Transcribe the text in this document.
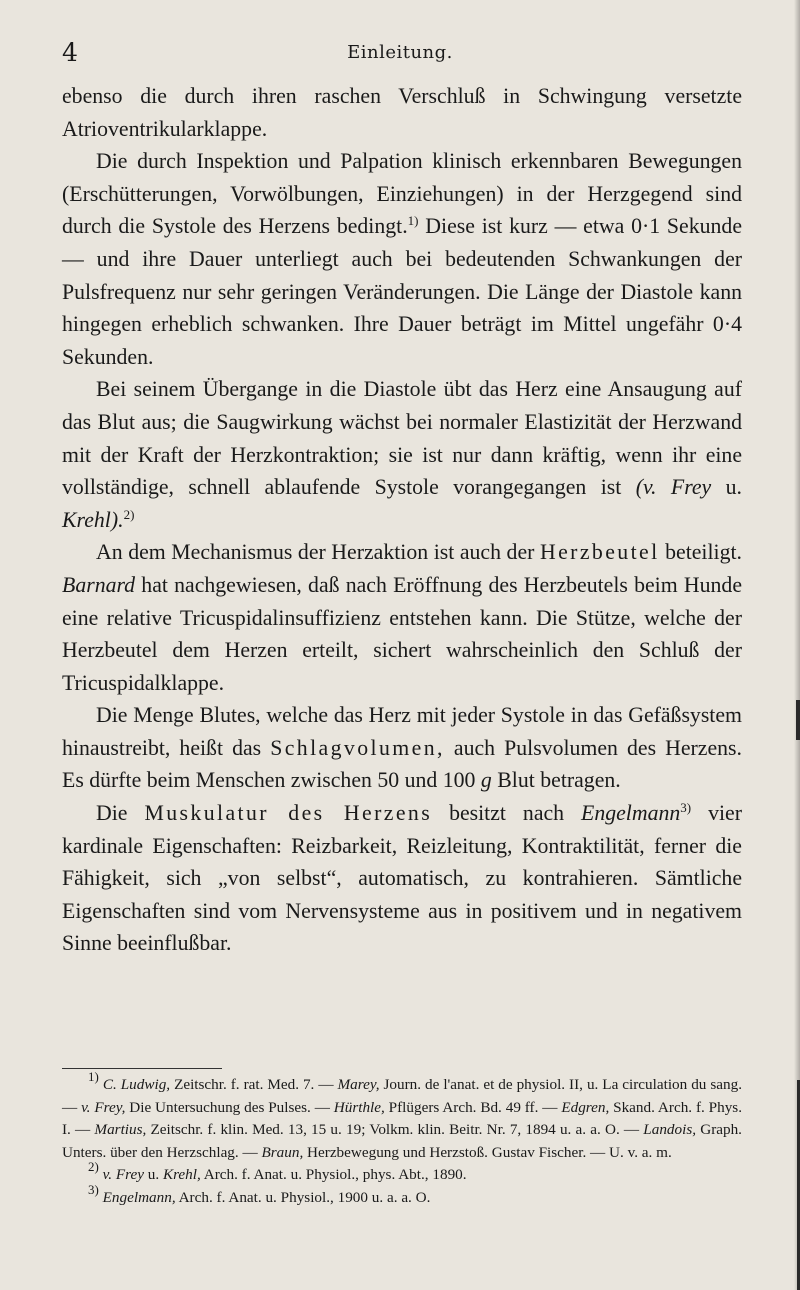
4	Einleitung.

ebenso die durch ihren raschen Verschluß in Schwingung versetzte Atrioventrikularklappe.

Die durch Inspektion und Palpation klinisch erkennbaren Bewegungen (Erschütterungen, Vorwölbungen, Einziehungen) in der Herzgegend sind durch die Systole des Herzens bedingt.$^{1)}$ Diese ist kurz — etwa 0·1 Sekunde — und ihre Dauer unterliegt auch bei bedeutenden Schwankungen der Pulsfrequenz nur sehr geringen Veränderungen. Die Länge der Diastole kann hingegen erheblich schwanken. Ihre Dauer beträgt im Mittel ungefähr 0·4 Sekunden.

Bei seinem Übergange in die Diastole übt das Herz eine Ansaugung auf das Blut aus; die Saugwirkung wächst bei normaler Elastizität der Herzwand mit der Kraft der Herzkontraktion; sie ist nur dann kräftig, wenn ihr eine vollständige, schnell ablaufende Systole vorangegangen ist (v. Frey u. Krehl).$^{2)}$

An dem Mechanismus der Herzaktion ist auch der Herzbeutel beteiligt. Barnard hat nachgewiesen, daß nach Eröffnung des Herzbeutels beim Hunde eine relative Tricuspidalinsuffizienz entstehen kann. Die Stütze, welche der Herzbeutel dem Herzen erteilt, sichert wahrscheinlich den Schluß der Tricuspidalklappe.

Die Menge Blutes, welche das Herz mit jeder Systole in das Gefäßsystem hinaustreibt, heißt das Schlagvolumen, auch Pulsvolumen des Herzens. Es dürfte beim Menschen zwischen 50 und 100 g Blut betragen.

Die Muskulatur des Herzens besitzt nach Engelmann$^{3)}$ vier kardinale Eigenschaften: Reizbarkeit, Reizleitung, Kontraktilität, ferner die Fähigkeit, sich „von selbst“, automatisch, zu kontrahieren. Sämtliche Eigenschaften sind vom Nervensysteme aus in positivem und in negativem Sinne beeinflußbar.

1) C. Ludwig, Zeitschr. f. rat. Med. 7. — Marey, Journ. de l'anat. et de physiol. II, u. La circulation du sang. — v. Frey, Die Untersuchung des Pulses. — Hürthle, Pflügers Arch. Bd. 49 ff. — Edgren, Skand. Arch. f. Phys. I. — Martius, Zeitschr. f. klin. Med. 13, 15 u. 19; Volkm. klin. Beitr. Nr. 7, 1894 u. a. a. O. — Landois, Graph. Unters. über den Herzschlag. — Braun, Herzbewegung und Herzstoß. Gustav Fischer. — U. v. a. m.

2) v. Frey u. Krehl, Arch. f. Anat. u. Physiol., phys. Abt., 1890.

3) Engelmann, Arch. f. Anat. u. Physiol., 1900 u. a. a. O.
